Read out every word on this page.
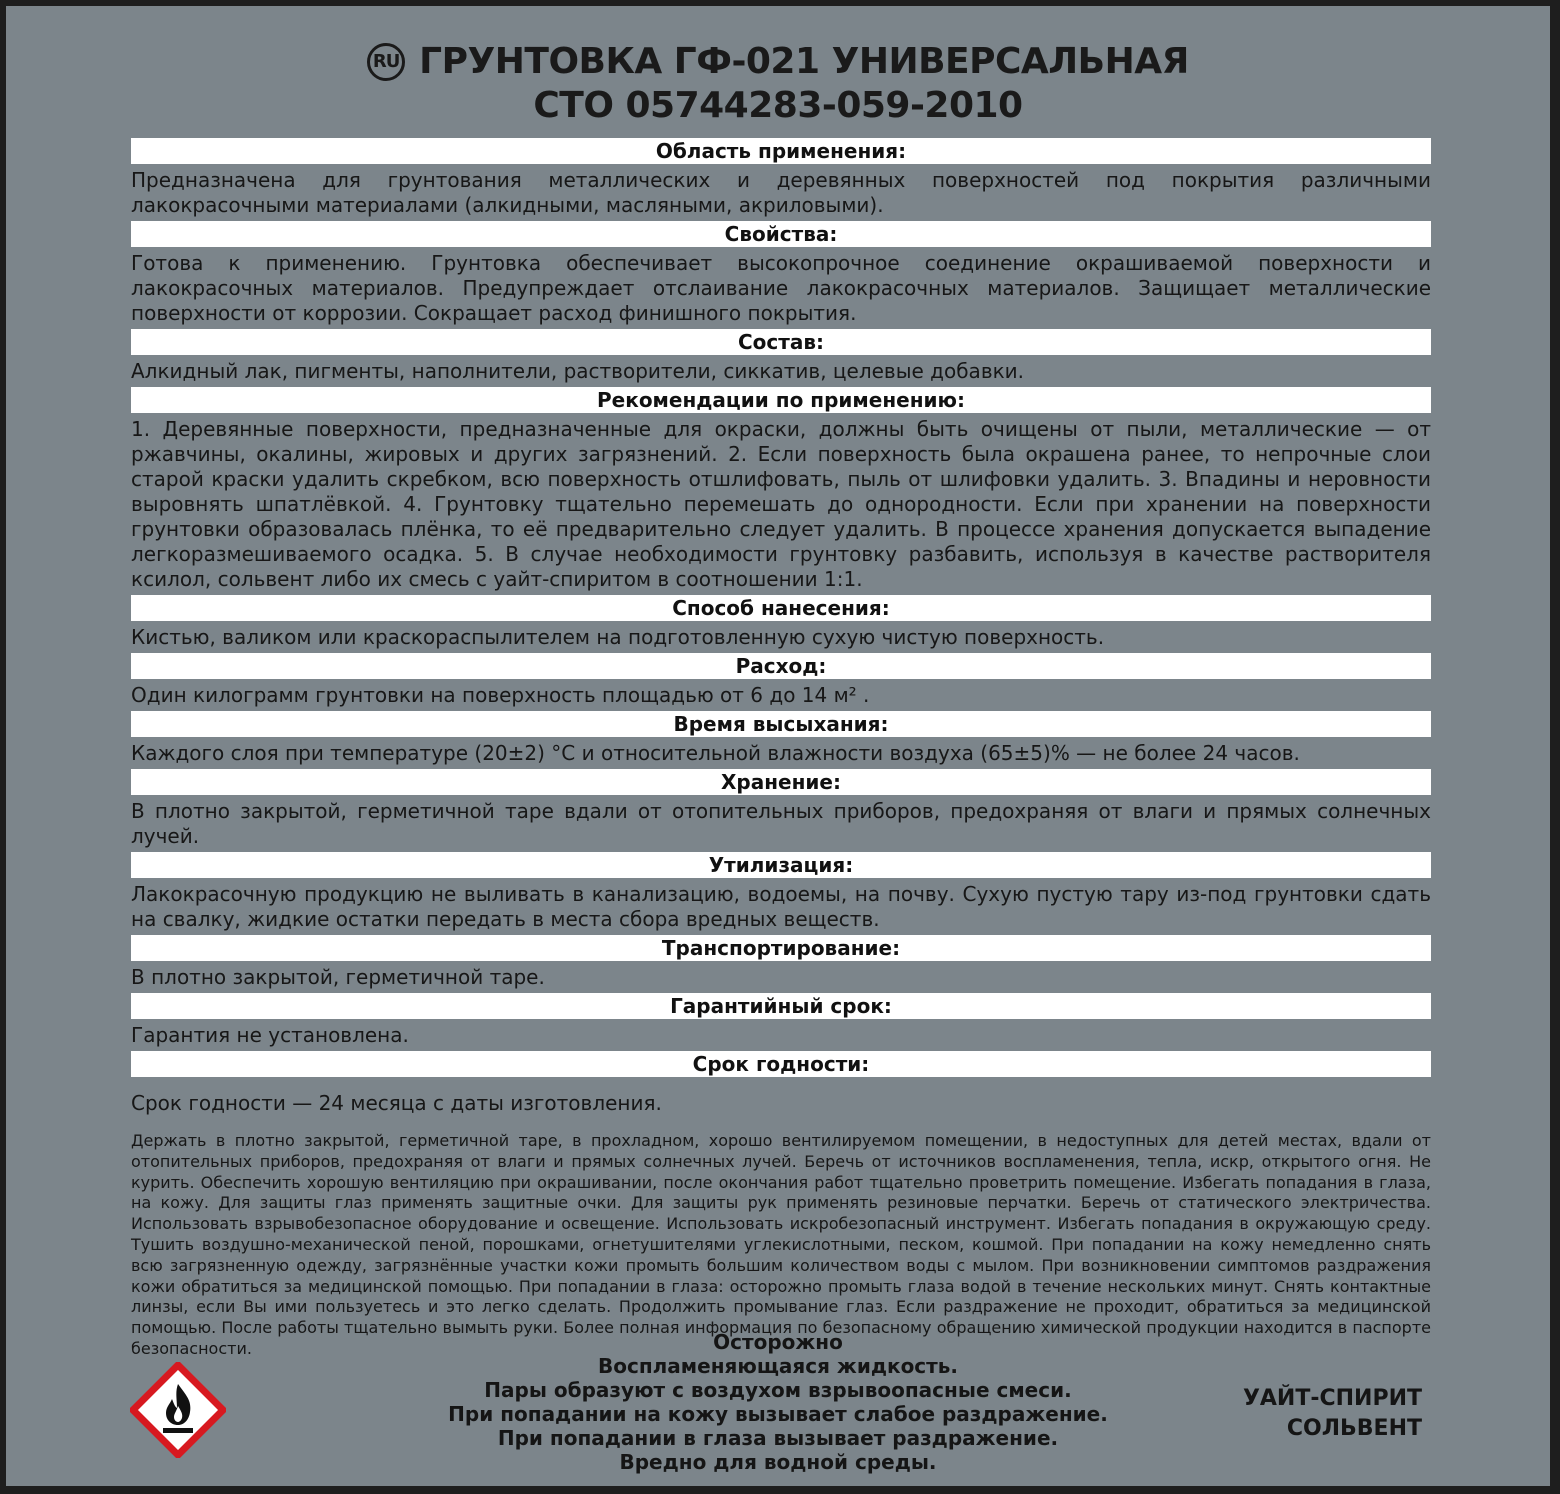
RU ГРУНТОВКА ГФ-021 УНИВЕРСАЛЬНАЯ
СТО 05744283-059-2010
Область применения:
Предназначена для грунтования металлических и деревянных поверхностей под покрытия различными лакокрасочными материалами (алкидными, масляными, акриловыми).
Свойства:
Готова к применению. Грунтовка обеспечивает высокопрочное соединение окрашиваемой поверхности и лакокрасочных материалов. Предупреждает отслаивание лакокрасочных материалов. Защищает металлические поверхности от коррозии. Сокращает расход финишного покрытия.
Состав:
Алкидный лак, пигменты, наполнители, растворители, сиккатив, целевые добавки.
Рекомендации по применению:
1. Деревянные поверхности, предназначенные для окраски, должны быть очищены от пыли, металлические — от ржавчины, окалины, жировых и других загрязнений. 2. Если поверхность была окрашена ранее, то непрочные слои старой краски удалить скребком, всю поверхность отшлифовать, пыль от шлифовки удалить. 3. Впадины и неровности выровнять шпатлёвкой. 4. Грунтовку тщательно перемешать до однородности. Если при хранении на поверхности грунтовки образовалась плёнка, то её предварительно следует удалить. В процессе хранения допускается выпадение легкоразмешиваемого осадка. 5. В случае необходимости грунтовку разбавить, используя в качестве растворителя ксилол, сольвент либо их смесь с уайт-спиритом в соотношении 1:1.
Способ нанесения:
Кистью, валиком или краскораспылителем на подготовленную сухую чистую поверхность.
Расход:
Один килограмм грунтовки на поверхность площадью от 6 до 14 м² .
Время высыхания:
Каждого слоя при температуре (20±2) °С и относительной влажности воздуха (65±5)% — не более 24 часов.
Хранение:
В плотно закрытой, герметичной таре вдали от отопительных приборов, предохраняя от влаги и прямых солнечных лучей.
Утилизация:
Лакокрасочную продукцию не выливать в канализацию, водоемы, на почву. Сухую пустую тару из-под грунтовки сдать на свалку, жидкие остатки передать в места сбора вредных веществ.
Транспортирование:
В плотно закрытой, герметичной таре.
Гарантийный срок:
Гарантия не установлена.
Срок годности:
Срок годности — 24 месяца с даты изготовления.
Держать в плотно закрытой, герметичной таре, в прохладном, хорошо вентилируемом помещении, в недоступных для детей местах, вдали от отопительных приборов, предохраняя от влаги и прямых солнечных лучей. Беречь от источников воспламенения, тепла, искр, открытого огня. Не курить. Обеспечить хорошую вентиляцию при окрашивании, после окончания работ тщательно проветрить помещение. Избегать попадания в глаза, на кожу. Для защиты глаз применять защитные очки. Для защиты рук применять резиновые перчатки. Беречь от статического электричества. Использовать взрывобезопасное оборудование и освещение. Использовать искробезопасный инструмент. Избегать попадания в окружающую среду. Тушить воздушно-механической пеной, порошками, огнетушителями углекислотными, песком, кошмой. При попадании на кожу немедленно снять всю загрязненную одежду, загрязнённые участки кожи промыть большим количеством воды с мылом. При возникновении симптомов раздражения кожи обратиться за медицинской помощью. При попадании в глаза: осторожно промыть глаза водой в течение нескольких минут. Снять контактные линзы, если Вы ими пользуетесь и это легко сделать. Продолжить промывание глаз. Если раздражение не проходит, обратиться за медицинской помощью. После работы тщательно вымыть руки. Более полная информация по безопасному обращению химической продукции находится в паспорте безопасности.	Осторожно
Воспламеняющаяся жидкость.
Пары образуют с воздухом взрывоопасные смеси.
При попадании на кожу вызывает слабое раздражение.
При попадании в глаза вызывает раздражение.
Вредно для водной среды.
УАЙТ-СПИРИТ
СОЛЬВЕНТ
